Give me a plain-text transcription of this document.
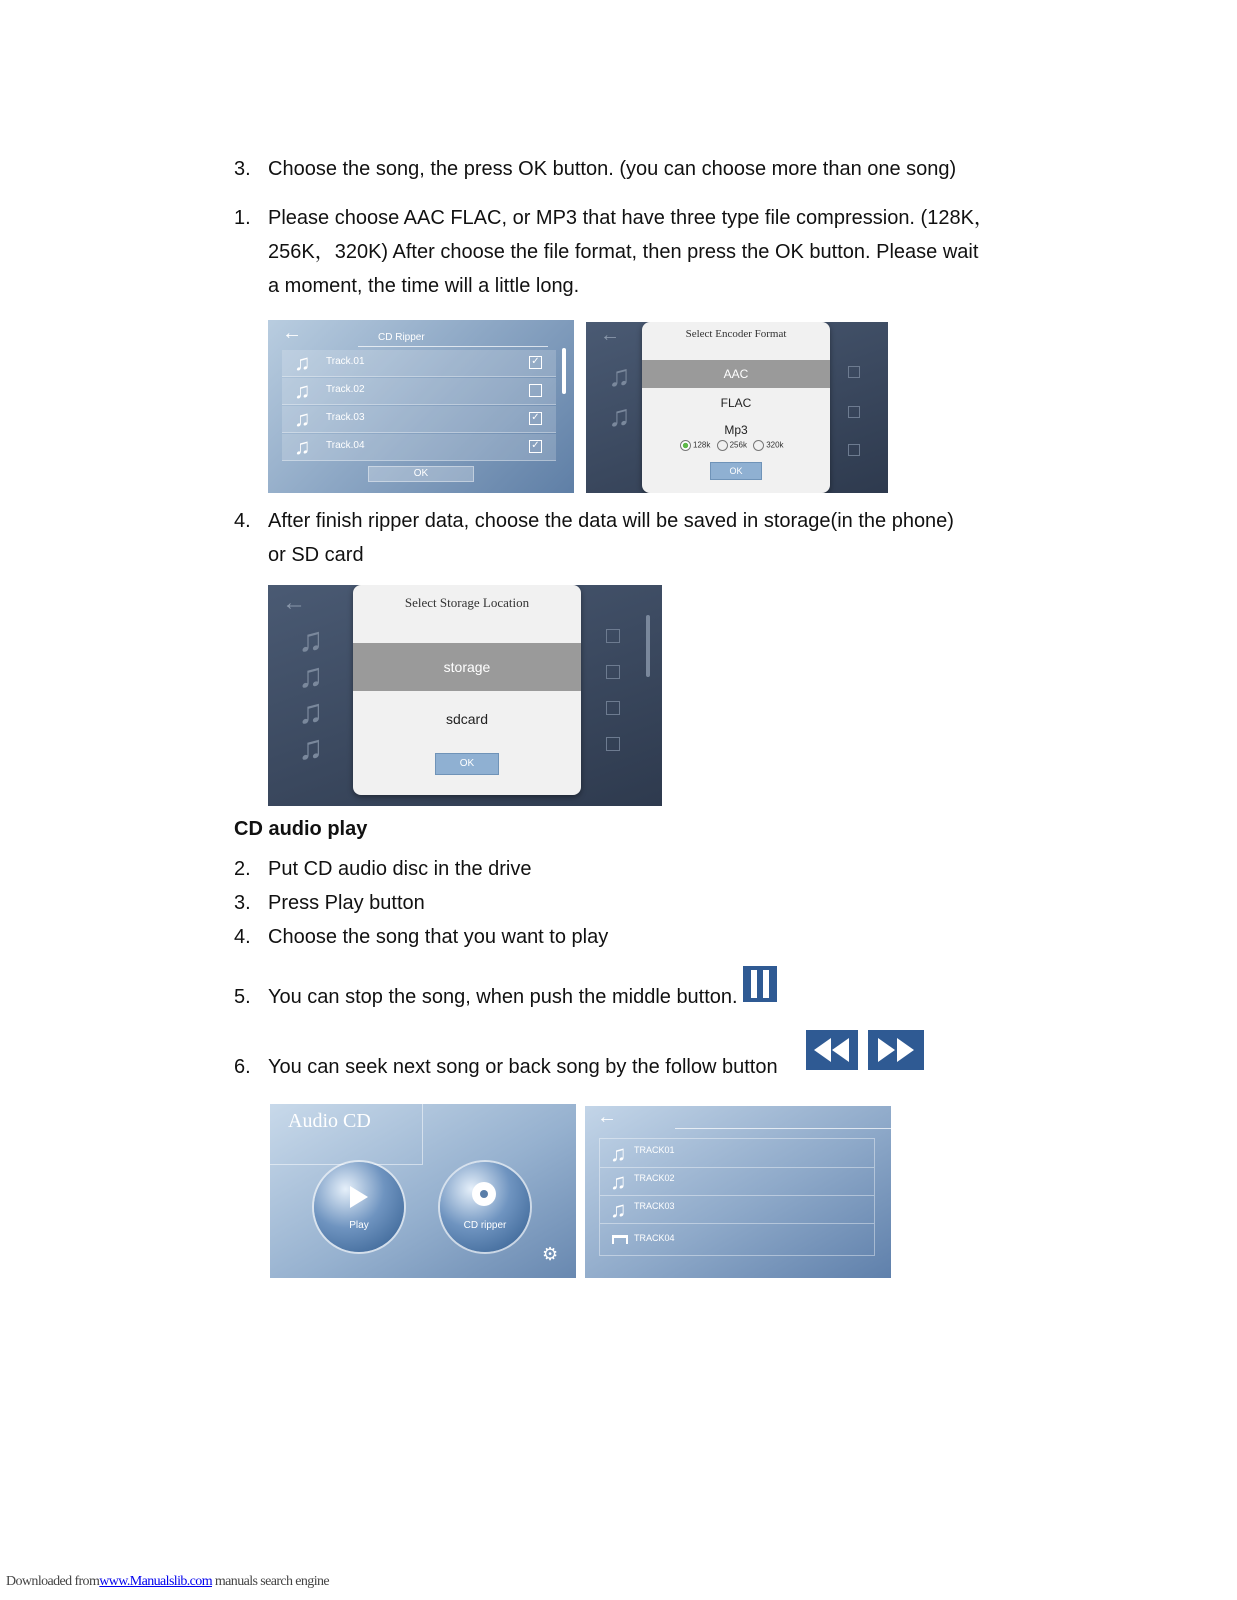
3. Choose the song, the press OK button. (you can choose more than one song)
1. Please choose AAC FLAC, or MP3 that have three type file compression. (128K，
256K，320K) After choose the file format, then press the OK button. Please wait
a moment, the time will a little long.
←	CD Ripper
♫ Track.01	✓
♫ Track.02
♫ Track.03	✓
♫ Track.04	✓
OK
←
♫
♫
Select Encoder Format
AAC
FLAC
Mp3
128k 256k 320k
OK
4. After finish ripper data, choose the data will be saved in storage(in the phone)
or SD card
←
♫
♫
♫
♫
Select Storage Location
storage
sdcard
OK
CD audio play
2. Put CD audio disc in the drive
3. Press Play button
4. Choose the song that you want to play
5. You can stop the song, when push the middle button.
6. You can seek next song or back song by the follow button
Audio CD
Play	CD ripper
⚙
←
♫ TRACK01
♫ TRACK02
♫ TRACK03
TRACK04
Downloaded fromwww.Manualslib.com manuals search engine
